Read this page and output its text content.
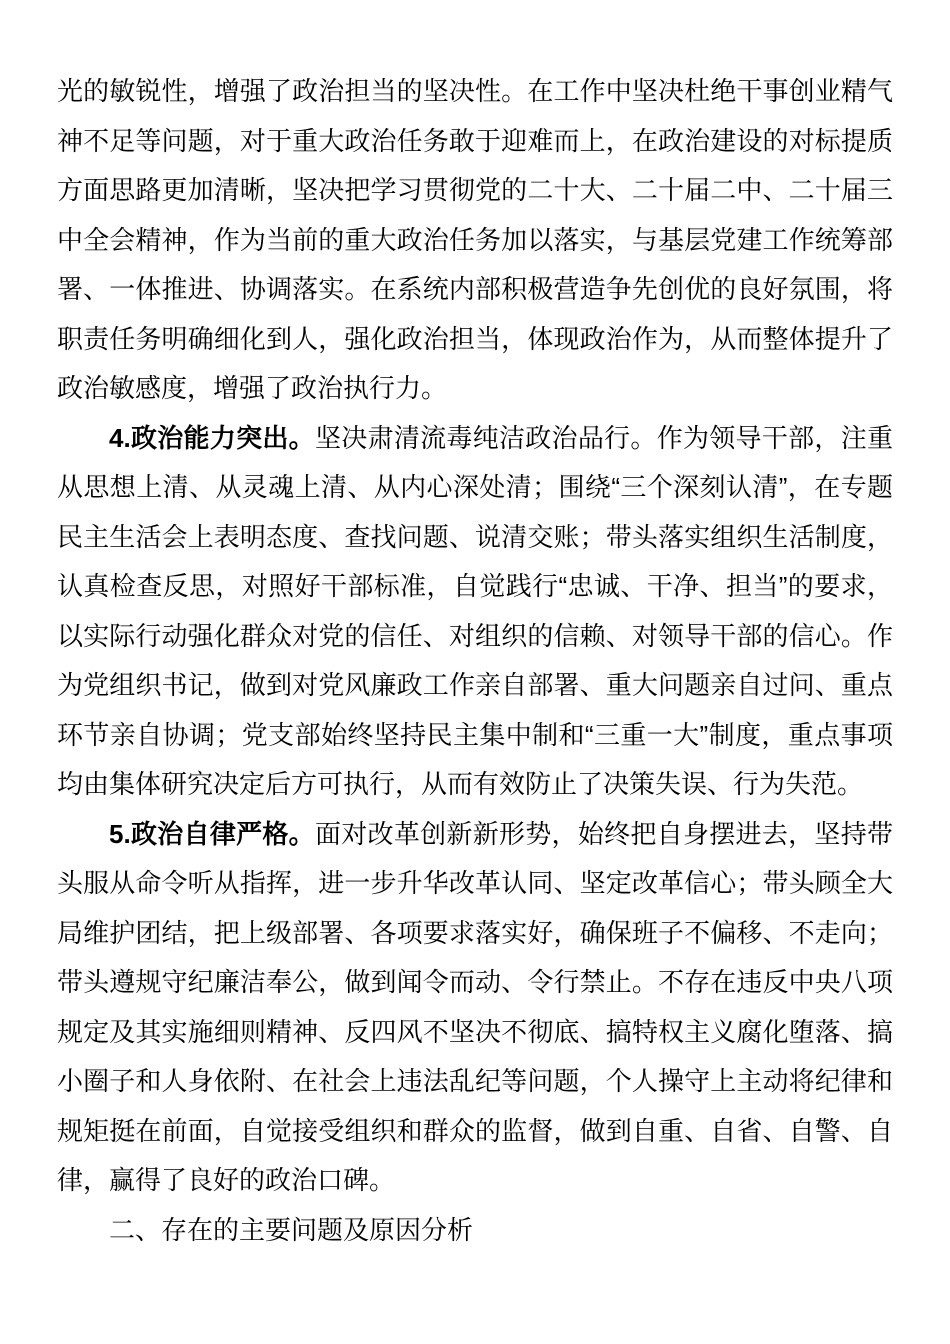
光的敏锐性，增强了政治担当的坚决性。在工作中坚决杜绝干事创业精气神不足等问题，对于重大政治任务敢于迎难而上，在政治建设的对标提质方面思路更加清晰，坚决把学习贯彻党的二十大、二十届二中、二十届三中全会精神，作为当前的重大政治任务加以落实，与基层党建工作统筹部署、一体推进、协调落实。在系统内部积极营造争先创优的良好氛围，将职责任务明确细化到人，强化政治担当，体现政治作为，从而整体提升了政治敏感度，增强了政治执行力。

4.政治能力突出。坚决肃清流毒纯洁政治品行。作为领导干部，注重从思想上清、从灵魂上清、从内心深处清；围绕“三个深刻认清”，在专题民主生活会上表明态度、查找问题、说清交账；带头落实组织生活制度，认真检查反思，对照好干部标准，自觉践行“忠诚、干净、担当”的要求，以实际行动强化群众对党的信任、对组织的信赖、对领导干部的信心。作为党组织书记，做到对党风廉政工作亲自部署、重大问题亲自过问、重点环节亲自协调；党支部始终坚持民主集中制和“三重一大”制度，重点事项均由集体研究决定后方可执行，从而有效防止了决策失误、行为失范。

5.政治自律严格。面对改革创新新形势，始终把自身摆进去，坚持带头服从命令听从指挥，进一步升华改革认同、坚定改革信心；带头顾全大局维护团结，把上级部署、各项要求落实好，确保班子不偏移、不走向；带头遵规守纪廉洁奉公，做到闻令而动、令行禁止。不存在违反中央八项规定及其实施细则精神、反四风不坚决不彻底、搞特权主义腐化堕落、搞小圈子和人身依附、在社会上违法乱纪等问题，个人操守上主动将纪律和规矩挺在前面，自觉接受组织和群众的监督，做到自重、自省、自警、自律，赢得了良好的政治口碑。

二、存在的主要问题及原因分析
